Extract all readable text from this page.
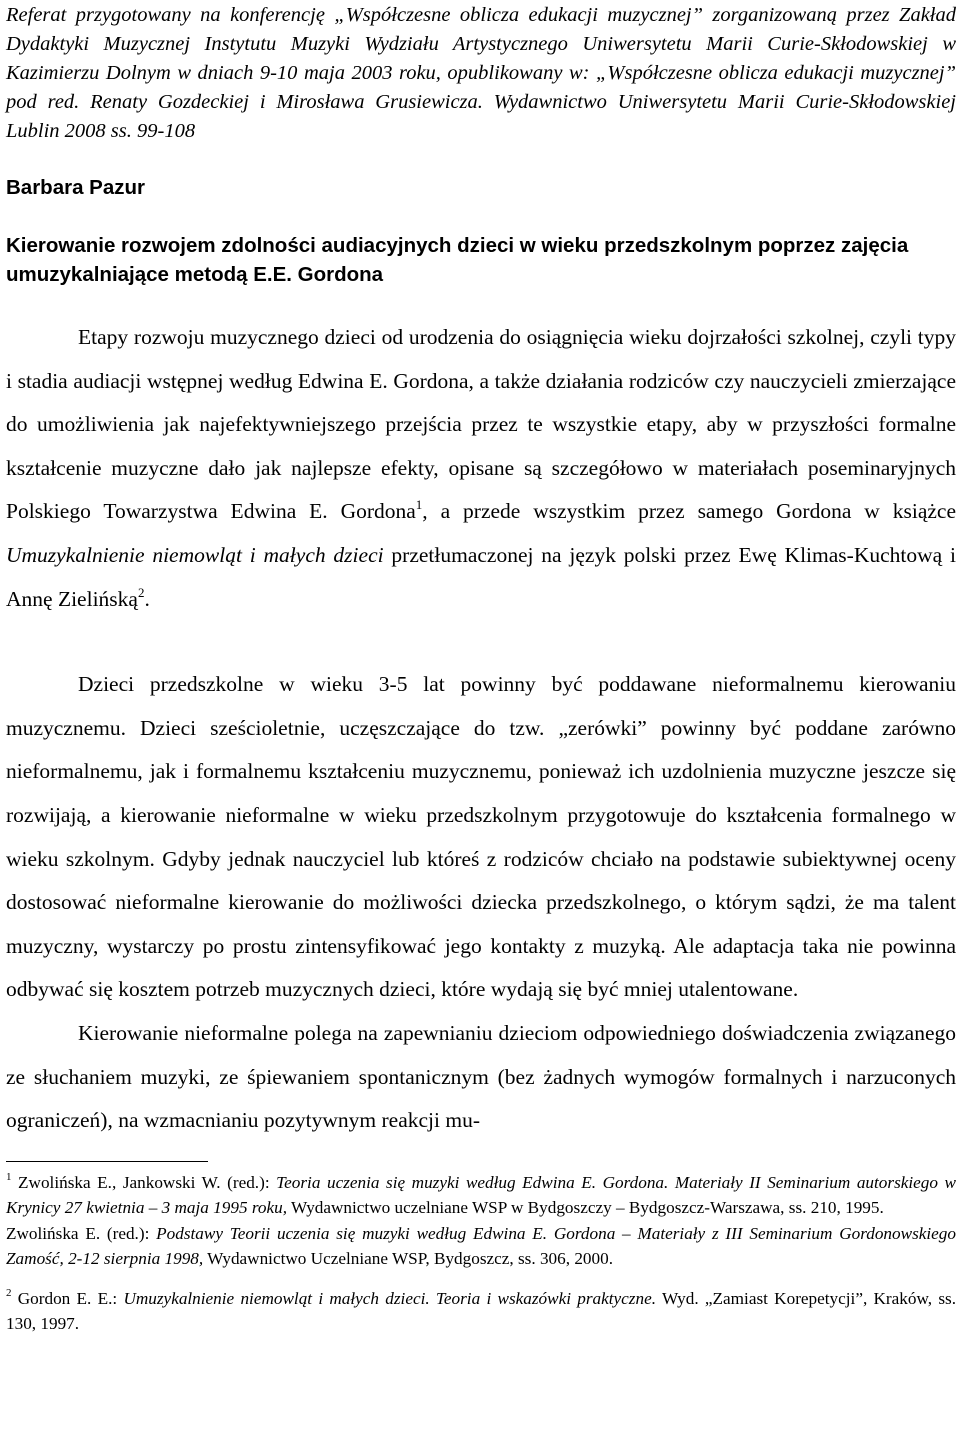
Referat przygotowany na konferencję „Współczesne oblicza edukacji muzycznej” zorganizowaną przez Zakład Dydaktyki Muzycznej Instytutu Muzyki Wydziału Artystycznego Uniwersytetu Marii Curie-Skłodowskiej w Kazimierzu Dolnym w dniach 9-10 maja 2003 roku, opublikowany w: „Współczesne oblicza edukacji muzycznej” pod red. Renaty Gozdeckiej i Mirosława Grusiewicza. Wydawnictwo Uniwersytetu Marii Curie-Skłodowskiej Lublin 2008 ss. 99-108

Barbara Pazur
Kierowanie rozwojem zdolności audiacyjnych dzieci w wieku przedszkolnym poprzez zajęcia umuzykalniające metodą E.E. Gordona

Etapy rozwoju muzycznego dzieci od urodzenia do osiągnięcia wieku dojrzałości szkolnej, czyli typy i stadia audiacji wstępnej według Edwina E. Gordona, a także działania rodziców czy nauczycieli zmierzające do umożliwienia jak najefektywniejszego przejścia przez te wszystkie etapy, aby w przyszłości formalne kształcenie muzyczne dało jak najlepsze efekty, opisane są szczegółowo w materiałach poseminaryjnych Polskiego Towarzystwa Edwina E. Gordona$^1$, a przede wszystkim przez samego Gordona w książce Umuzykalnienie niemowląt i małych dzieci przetłumaczonej na język polski przez Ewę Klimas-Kuchtową i Annę Zielińską$^2$.

Dzieci przedszkolne w wieku 3-5 lat powinny być poddawane nieformalnemu kierowaniu muzycznemu. Dzieci sześcioletnie, uczęszczające do tzw. „zerówki” powinny być poddane zarówno nieformalnemu, jak i formalnemu kształceniu muzycznemu, ponieważ ich uzdolnienia muzyczne jeszcze się rozwijają, a kierowanie nieformalne w wieku przedszkolnym przygotowuje do kształcenia formalnego w wieku szkolnym. Gdyby jednak nauczyciel lub któreś z rodziców chciało na podstawie subiektywnej oceny dostosować nieformalne kierowanie do możliwości dziecka przedszkolnego, o którym sądzi, że ma talent muzyczny, wystarczy po prostu zintensyfikować jego kontakty z muzyką. Ale adaptacja taka nie powinna odbywać się kosztem potrzeb muzycznych dzieci, które wydają się być mniej utalentowane.

Kierowanie nieformalne polega na zapewnianiu dzieciom odpowiedniego doświadczenia związanego ze słuchaniem muzyki, ze śpiewaniem spontanicznym (bez żadnych wymogów formalnych i narzuconych ograniczeń), na wzmacnianiu pozytywnym reakcji mu-

$^1$ Zwolińska E., Jankowski W. (red.): Teoria uczenia się muzyki według Edwina E. Gordona. Materiały II Seminarium autorskiego w Krynicy 27 kwietnia – 3 maja 1995 roku, Wydawnictwo uczelniane WSP w Bydgoszczy – Bydgoszcz-Warszawa, ss. 210, 1995.

Zwolińska E. (red.): Podstawy Teorii uczenia się muzyki według Edwina E. Gordona – Materiały z III Seminarium Gordonowskiego Zamość, 2-12 sierpnia 1998, Wydawnictwo Uczelniane WSP, Bydgoszcz, ss. 306, 2000.

$^2$ Gordon E. E.: Umuzykalnienie niemowląt i małych dzieci. Teoria i wskazówki praktyczne. Wyd. „Zamiast Korepetycji”, Kraków, ss. 130, 1997.
